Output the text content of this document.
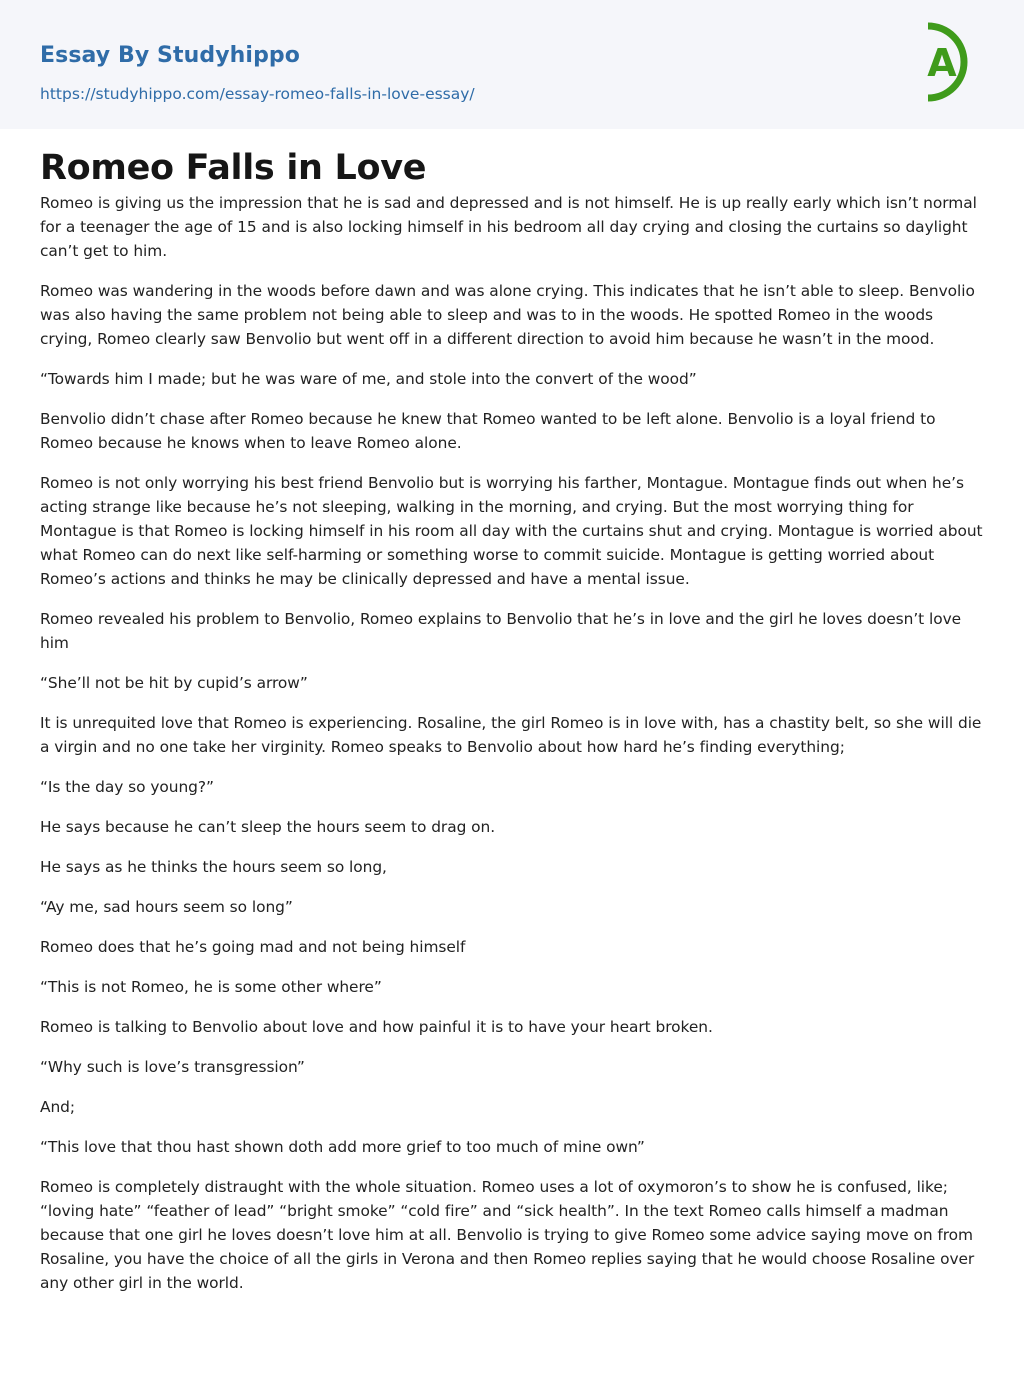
Essay By Studyhippo
https://studyhippo.com/essay-romeo-falls-in-love-essay/
A
Romeo Falls in Love

Romeo is giving us the impression that he is sad and depressed and is not himself. He is up really early which isn’t normal for a teenager the age of 15 and is also locking himself in his bedroom all day crying and closing the curtains so daylight can’t get to him.

Romeo was wandering in the woods before dawn and was alone crying. This indicates that he isn’t able to sleep. Benvolio was also having the same problem not being able to sleep and was to in the woods. He spotted Romeo in the woods crying, Romeo clearly saw Benvolio but went off in a different direction to avoid him because he wasn’t in the mood.

“Towards him I made; but he was ware of me, and stole into the convert of the wood”

Benvolio didn’t chase after Romeo because he knew that Romeo wanted to be left alone. Benvolio is a loyal friend to Romeo because he knows when to leave Romeo alone.

Romeo is not only worrying his best friend Benvolio but is worrying his farther, Montague. Montague finds out when he’s acting strange like because he’s not sleeping, walking in the morning, and crying. But the most worrying thing for Montague is that Romeo is locking himself in his room all day with the curtains shut and crying. Montague is worried about what Romeo can do next like self-harming or something worse to commit suicide. Montague is getting worried about Romeo’s actions and thinks he may be clinically depressed and have a mental issue.

Romeo revealed his problem to Benvolio, Romeo explains to Benvolio that he’s in love and the girl he loves doesn’t love him

“She’ll not be hit by cupid’s arrow”

It is unrequited love that Romeo is experiencing. Rosaline, the girl Romeo is in love with, has a chastity belt, so she will die a virgin and no one take her virginity. Romeo speaks to Benvolio about how hard he’s finding everything;

“Is the day so young?”

He says because he can’t sleep the hours seem to drag on.

He says as he thinks the hours seem so long,

“Ay me, sad hours seem so long”

Romeo does that he’s going mad and not being himself

“This is not Romeo, he is some other where”

Romeo is talking to Benvolio about love and how painful it is to have your heart broken.

“Why such is love’s transgression”

And;

“This love that thou hast shown doth add more grief to too much of mine own”

Romeo is completely distraught with the whole situation. Romeo uses a lot of oxymoron’s to show he is confused, like; “loving hate” “feather of lead” “bright smoke” “cold fire” and “sick health”. In the text Romeo calls himself a madman because that one girl he loves doesn’t love him at all. Benvolio is trying to give Romeo some advice saying move on from Rosaline, you have the choice of all the girls in Verona and then Romeo replies saying that he would choose Rosaline over any other girl in the world.
